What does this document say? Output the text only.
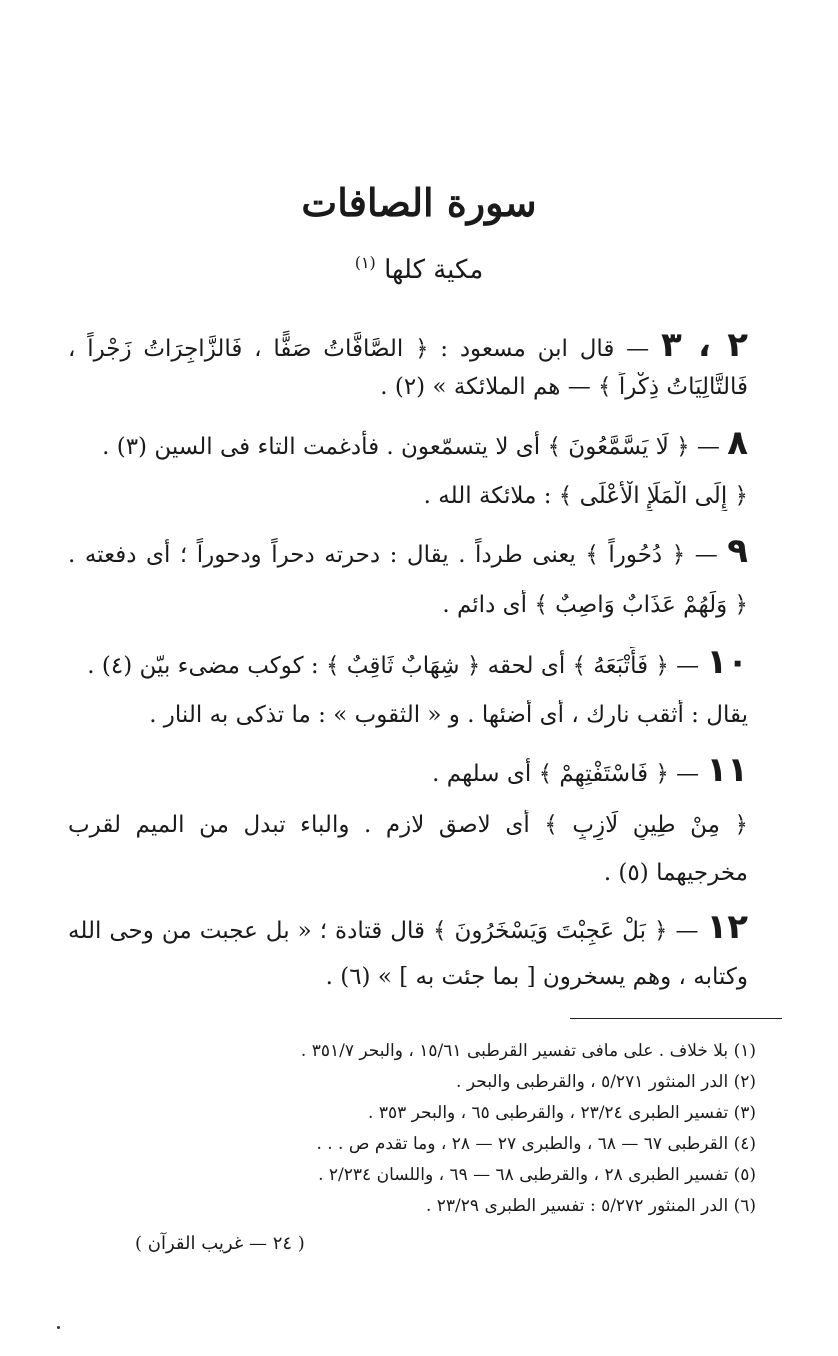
سورة الصافات
مكية كلها $^{(١)}$
٢ ، ٣ — قال ابن مسعود : ﴿ الصَّافَّاتُ صَفًّا ، فَالزَّاجِرَاتُ زَجْراً ،
فَالتَّالِيَاتُ ذِكْراً ﴾ — هم الملائكة » (٢) .
٨ — ﴿ لَا يَسَّمَّعُونَ ﴾ أى لا يتسمّعون . فأدغمت التاء فى السين (٣) .
﴿ إِلَى الْمَلَإِ الْأَعْلَى ﴾ : ملائكة الله .
٩ — ﴿ دُحُوراً ﴾ يعنى طرداً . يقال : دحرته دحراً ودحوراً ؛ أى دفعته .
﴿ وَلَهُمْ عَذَابٌ وَاصِبٌ ﴾ أى دائم .
١٠ — ﴿ فَأَتْبَعَهُ ﴾ أى لحقه ﴿ شِهَابٌ ثَاقِبٌ ﴾ : كوكب مضىء بيّن (٤) .
يقال : أثقب نارك ، أى أضئها . و « الثقوب » : ما تذكى به النار .
١١ — ﴿ فَاسْتَفْتِهِمْ ﴾ أى سلهم .
﴿ مِنْ طِينٍ لَازِبٍ ﴾ أى لاصق لازم . والباء تبدل من الميم لقرب
مخرجيهما (٥) .
١٢ — ﴿ بَلْ عَجِبْتَ وَيَسْخَرُونَ ﴾ قال قتادة ؛ « بل عجبت من وحى الله
وكتابه ، وهم يسخرون [ بما جئت به ] » (٦) .
(١) بلا خلاف . على مافى تفسير القرطبى ١٥/٦١ ، والبحر ٣٥١/٧ .
(٢) الدر المنثور ٥/٢٧١ ، والقرطبى والبحر .
(٣) تفسير الطبرى ٢٣/٢٤ ، والقرطبى ٦٥ ، والبحر ٣٥٣ .
(٤) القرطبى ٦٧ — ٦٨ ، والطبرى ٢٧ — ٢٨ ، وما تقدم ص . . .
(٥) تفسير الطبرى ٢٨ ، والقرطبى ٦٨ — ٦٩ ، واللسان ٢/٢٣٤ .
(٦) الدر المنثور ٥/٢٧٢ : تفسير الطبرى ٢٣/٢٩ .
( ٢٤ — غريب القرآن )
